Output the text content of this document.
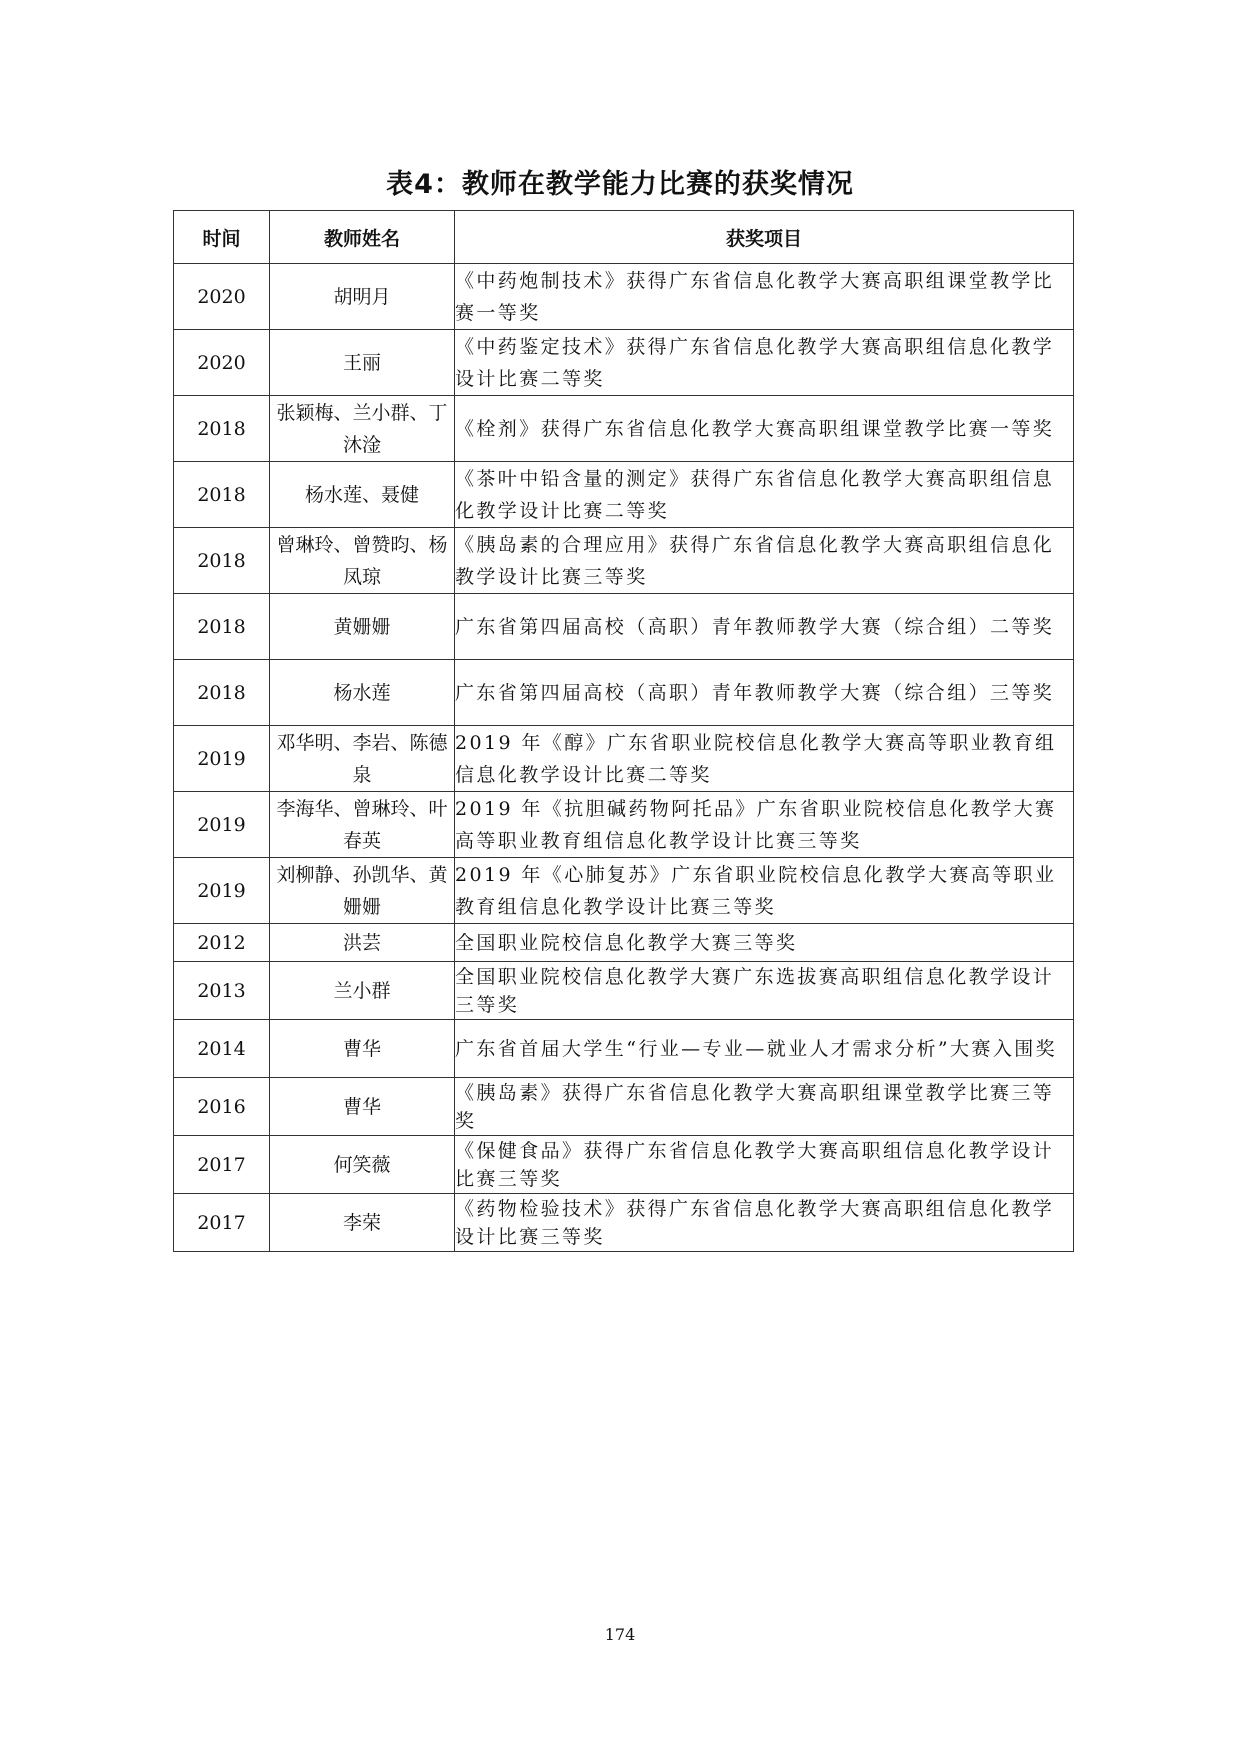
表4：教师在教学能力比赛的获奖情况
时间	教师姓名	获奖项目
2020	胡明月	《中药炮制技术》获得广东省信息化教学大赛高职组课堂教学比赛一等奖
2020	王丽	《中药鉴定技术》获得广东省信息化教学大赛高职组信息化教学设计比赛二等奖
2018	张颖梅、兰小群、丁沐淦	《栓剂》获得广东省信息化教学大赛高职组课堂教学比赛一等奖
2018	杨水莲、聂健	《茶叶中铅含量的测定》获得广东省信息化教学大赛高职组信息化教学设计比赛二等奖
2018	曾琳玲、曾赞昀、杨凤琼	《胰岛素的合理应用》获得广东省信息化教学大赛高职组信息化教学设计比赛三等奖
2018	黄姗姗	广东省第四届高校（高职）青年教师教学大赛（综合组）二等奖
2018	杨水莲	广东省第四届高校（高职）青年教师教学大赛（综合组）三等奖
2019	邓华明、李岩、陈德泉	2019 年《醇》广东省职业院校信息化教学大赛高等职业教育组信息化教学设计比赛二等奖
2019	李海华、曾琳玲、叶春英	2019 年《抗胆碱药物阿托品》广东省职业院校信息化教学大赛高等职业教育组信息化教学设计比赛三等奖
2019	刘柳静、孙凯华、黄姗姗	2019 年《心肺复苏》广东省职业院校信息化教学大赛高等职业教育组信息化教学设计比赛三等奖
2012	洪芸	全国职业院校信息化教学大赛三等奖
2013	兰小群	全国职业院校信息化教学大赛广东选拔赛高职组信息化教学设计三等奖
2014	曹华	广东省首届大学生“行业—专业—就业人才需求分析”大赛入围奖
2016	曹华	《胰岛素》获得广东省信息化教学大赛高职组课堂教学比赛三等奖
2017	何笑薇	《保健食品》获得广东省信息化教学大赛高职组信息化教学设计比赛三等奖
2017	李荣	《药物检验技术》获得广东省信息化教学大赛高职组信息化教学设计比赛三等奖
174
